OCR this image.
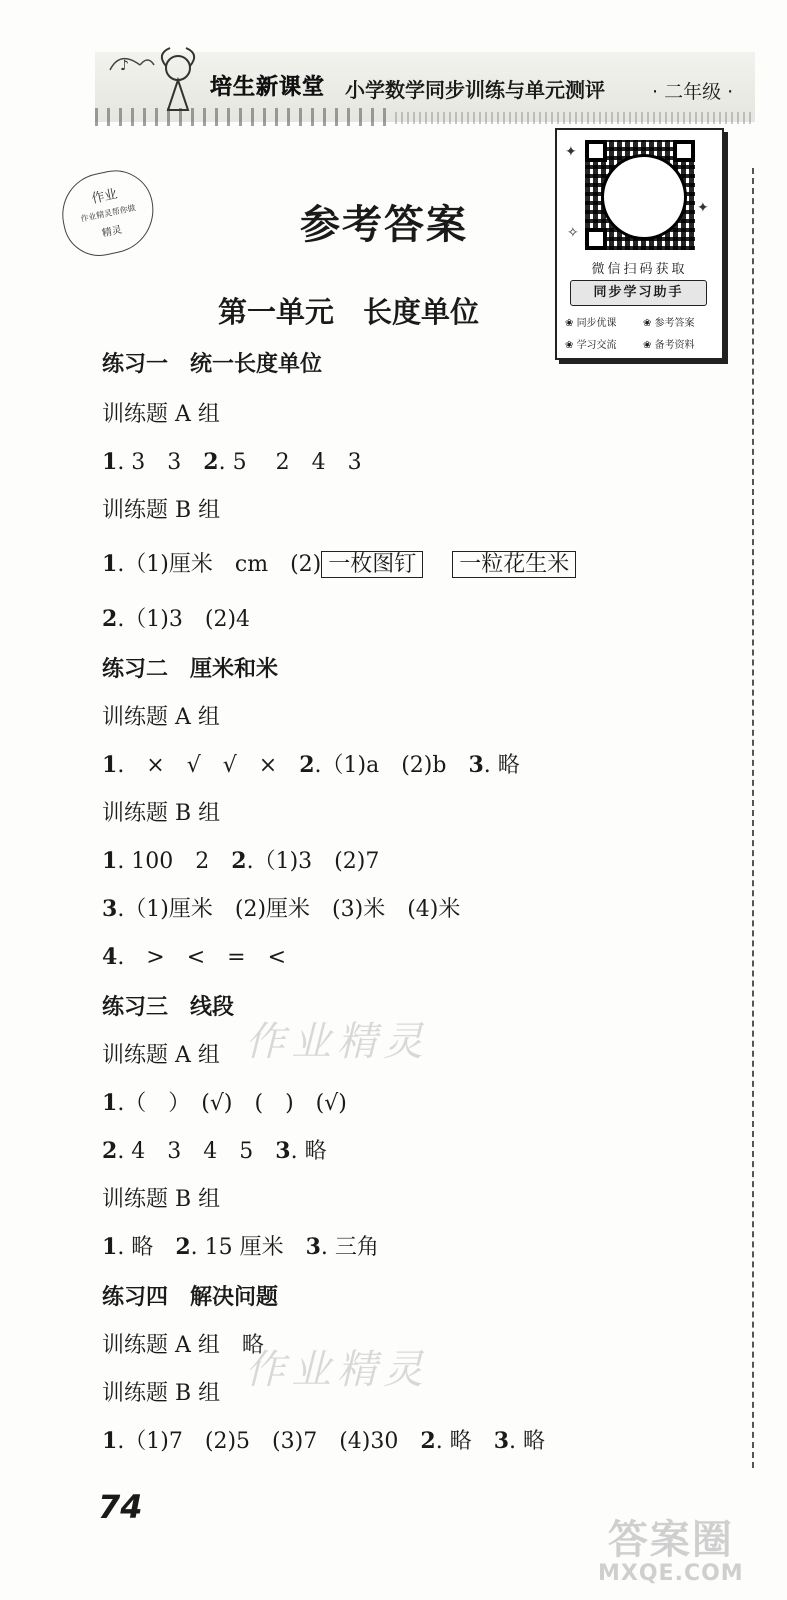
♪
培生新课堂 小学数学同步训练与单元测评 · 二年级 ·
作业
作业精灵帮你做
精灵
✦
✦
✧
微信扫码获取
同步学习助手
❀ 同步优课	❀ 参考答案
❀ 学习交流	❀ 备考资料
参考答案
第一单元　长度单位
练习一　统一长度单位
训练题 A 组
1. 3　3　2. 5　 2　4　3
训练题 B 组
1.（1)厘米　cm　(2) 一枚图钉　 一粒花生米
2.（1)3　(2)4
练习二　厘米和米
训练题 A 组
1.　×　√　√　×　2.（1)a　(2)b　3. 略
训练题 B 组
1. 100　2　2.（1)3　(2)7
3.（1)厘米　(2)厘米　(3)米　(4)米
4.　>　<　=　<
练习三　线段
作业精灵
训练题 A 组
1.（　）　(√)　(　)　(√)
2. 4　3　4　5　3. 略
训练题 B 组
1. 略　2. 15 厘米　3. 三角
练习四　解决问题
训练题 A 组　略
作业精灵
训练题 B 组
1.（1)7　(2)5　(3)7　(4)30　2. 略　3. 略
74
答案圈
MXQE.COM
